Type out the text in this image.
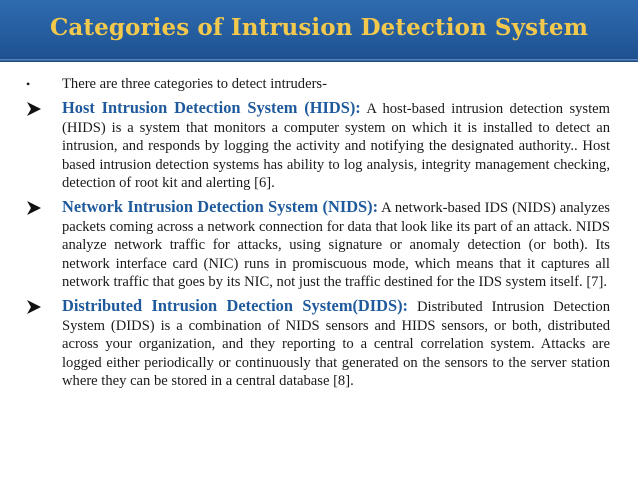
Categories of Intrusion Detection System
•	There are three categories to detect intruders-
Host Intrusion Detection System (HIDS): A host-based intrusion detection system (HIDS) is a system that monitors a computer system on which it is installed to detect an intrusion, and responds by logging the activity and notifying the designated authority.. Host based intrusion detection systems has ability to log analysis, integrity management checking, detection of root kit and alerting [6].
Network Intrusion Detection System (NIDS): A network-based IDS (NIDS) analyzes packets coming across a network connection for data that look like its part of an attack. NIDS analyze network traffic for attacks, using signature or anomaly detection (or both). Its network interface card (NIC) runs in promiscuous mode, which means that it captures all network traffic that goes by its NIC, not just the traffic destined for the IDS system itself. [7].
Distributed Intrusion Detection System(DIDS): Distributed Intrusion Detection System (DIDS) is a combination of NIDS sensors and HIDS sensors, or both, distributed across your organization, and they reporting to a central correlation system. Attacks are logged either periodically or continuously that generated on the sensors to the server station where they can be stored in a central database [8].
